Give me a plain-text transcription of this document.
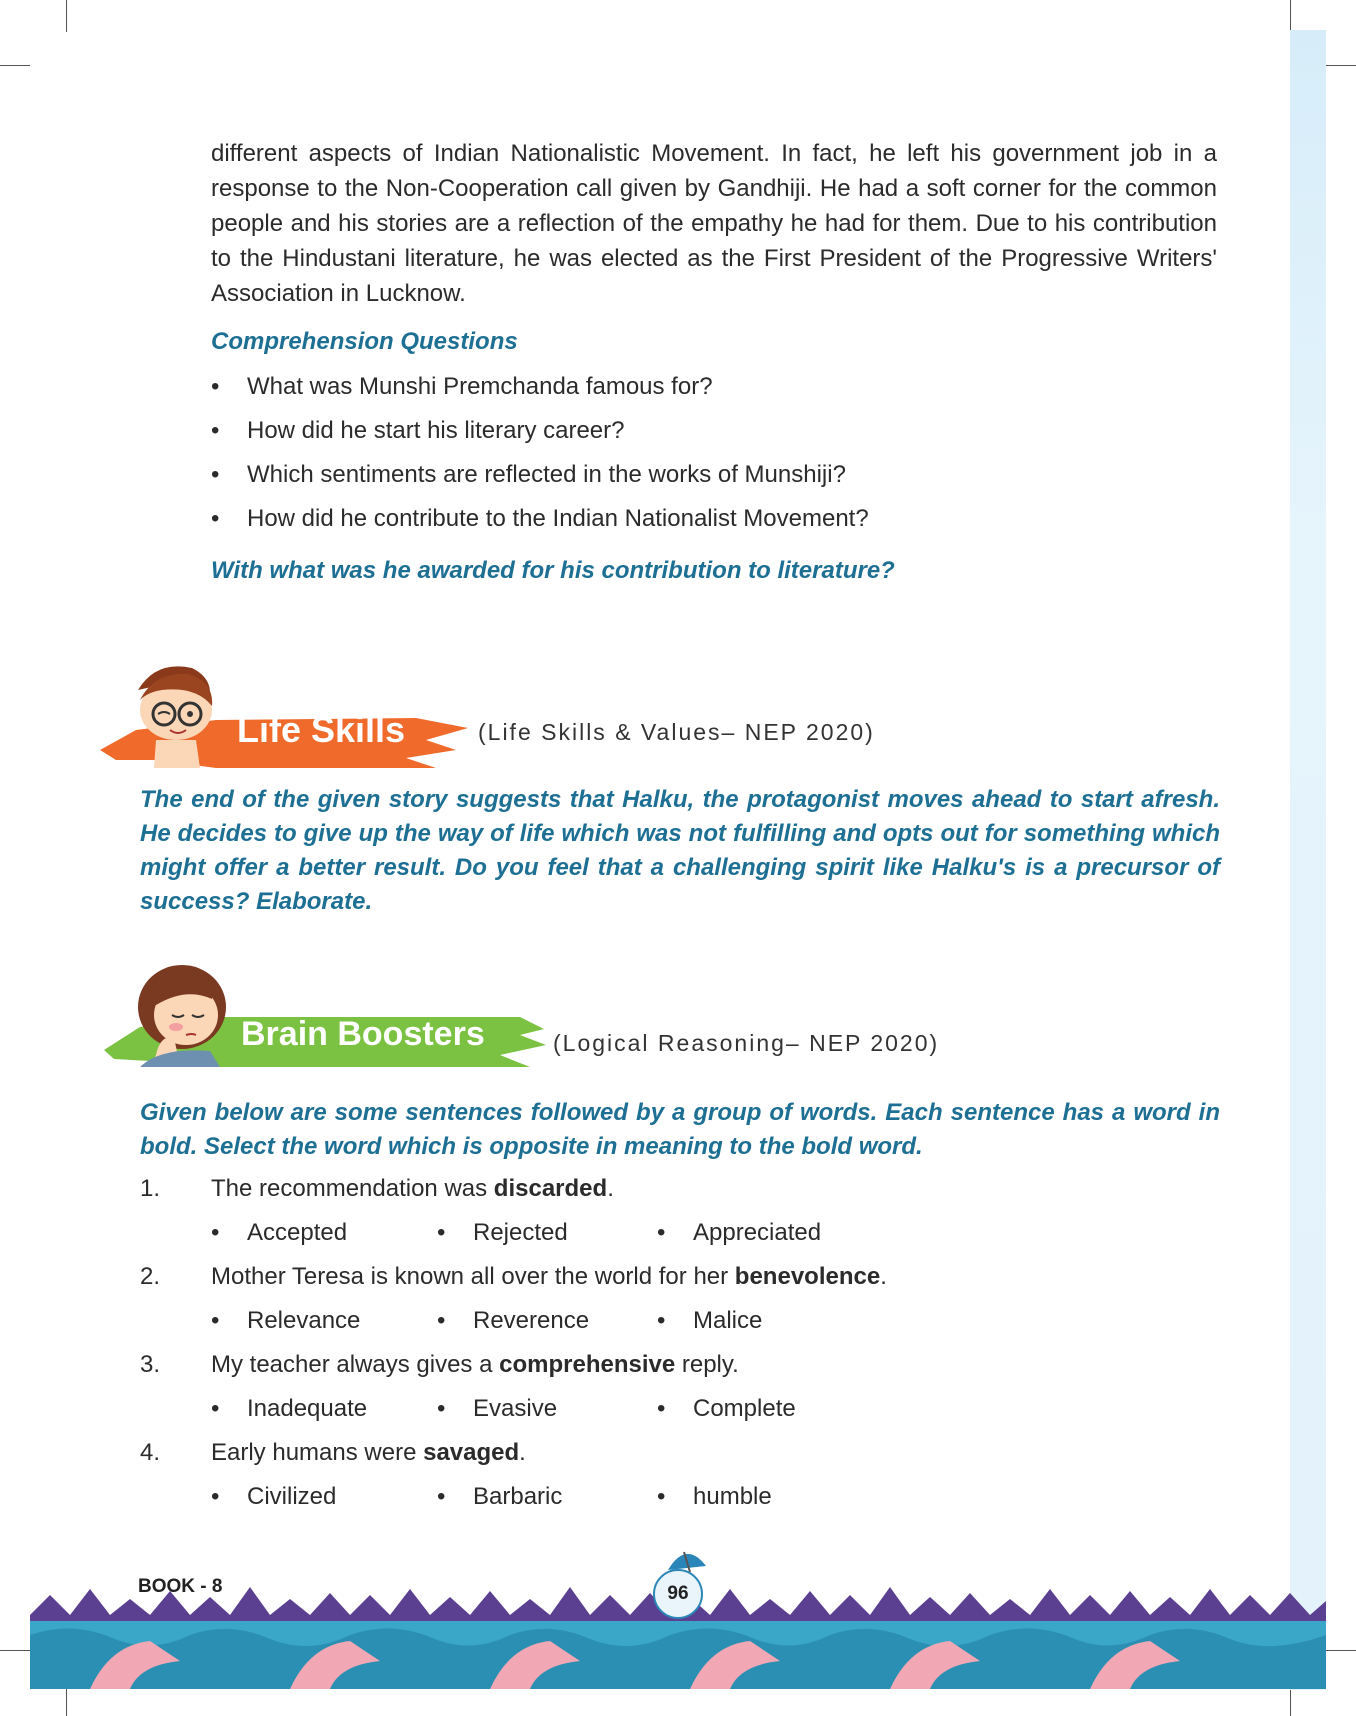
different aspects of Indian Nationalistic Movement. In fact, he left his government job in a response to the Non-Cooperation call given by Gandhiji. He had a soft corner for the common people and his stories are a reflection of the empathy he had for them. Due to his contribution to the Hindustani literature, he was elected as the First President of the Progressive Writers' Association in Lucknow.
Comprehension Questions
• What was Munshi Premchanda famous for?
• How did he start his literary career?
• Which sentiments are reflected in the works of Munshiji?
• How did he contribute to the Indian Nationalist Movement?
With what was he awarded for his contribution to literature?
Life Skills	(Life Skills & Values– NEP 2020)
The end of the given story suggests that Halku, the protagonist moves ahead to start afresh. He decides to give up the way of life which was not fulfilling and opts out for something which might offer a better result. Do you feel that a challenging spirit like Halku's is a precursor of success? Elaborate.
Brain Boosters	(Logical Reasoning– NEP 2020)
Given below are some sentences followed by a group of words. Each sentence has a word in bold. Select the word which is opposite in meaning to the bold word.
1. The recommendation was discarded.
• Accepted	• Rejected	• Appreciated
2. Mother Teresa is known all over the world for her benevolence.
• Relevance	• Reverence	• Malice
3. My teacher always gives a comprehensive reply.
• Inadequate	• Evasive	• Complete
4. Early humans were savaged.
• Civilized	• Barbaric	• humble
BOOK - 8	96
